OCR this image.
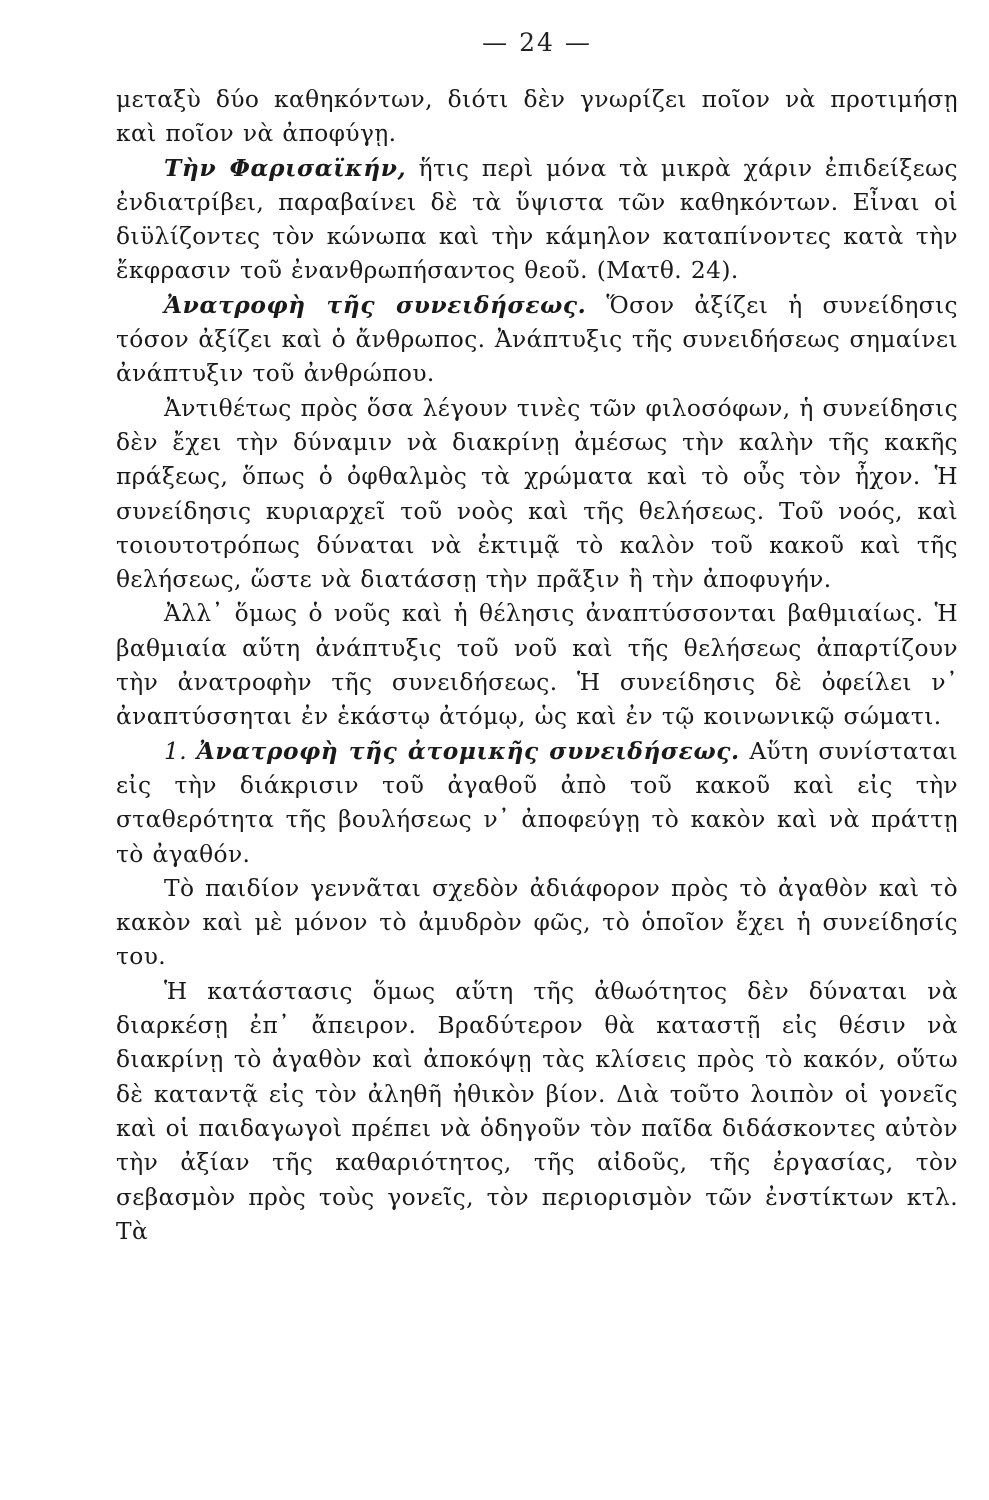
— 24 —

μεταξὺ δύο καθηκόντων, διότι δὲν γνωρίζει ποῖον νὰ προτιμήσῃ καὶ ποῖον νὰ ἀποφύγῃ.

Τὴν Φαρισαϊκήν, ἥτις περὶ μόνα τὰ μικρὰ χάριν ἐπιδείξεως ἐνδιατρίβει, παραβαίνει δὲ τὰ ὕψιστα τῶν καθηκόντων. Εἶναι οἱ διϋλίζοντες τὸν κώνωπα καὶ τὴν κάμηλον καταπίνοντες κατὰ τὴν ἔκφρασιν τοῦ ἐνανθρωπήσαντος θεοῦ. (Ματθ. 24).

Ἀνατροφὴ τῆς συνειδήσεως. Ὅσον ἀξίζει ἡ συνείδησις τόσον ἀξίζει καὶ ὁ ἄνθρωπος. Ἀνάπτυξις τῆς συνειδήσεως σημαίνει ἀνάπτυξιν τοῦ ἀνθρώπου.

Ἀντιθέτως πρὸς ὅσα λέγουν τινὲς τῶν φιλοσόφων, ἡ συνείδησις δὲν ἔχει τὴν δύναμιν νὰ διακρίνῃ ἀμέσως τὴν καλὴν τῆς κακῆς πράξεως, ὅπως ὁ ὀφθαλμὸς τὰ χρώματα καὶ τὸ οὖς τὸν ἦχον. Ἡ συνείδησις κυριαρχεῖ τοῦ νοὸς καὶ τῆς θελήσεως. Τοῦ νοός, καὶ τοιουτοτρόπως δύναται νὰ ἐκτιμᾷ τὸ καλὸν τοῦ κακοῦ καὶ τῆς θελήσεως, ὥστε νὰ διατάσσῃ τὴν πρᾶξιν ἢ τὴν ἀποφυγήν.

Ἀλλ᾽ ὅμως ὁ νοῦς καὶ ἡ θέλησις ἀναπτύσσονται βαθμιαίως. Ἡ βαθμιαία αὕτη ἀνάπτυξις τοῦ νοῦ καὶ τῆς θελήσεως ἀπαρτίζουν τὴν ἀνατροφὴν τῆς συνειδήσεως. Ἡ συνείδησις δὲ ὀφείλει ν᾽ ἀναπτύσσηται ἐν ἑκάστῳ ἀτόμῳ, ὡς καὶ ἐν τῷ κοινωνικῷ σώματι.

1. Ἀνατροφὴ τῆς ἀτομικῆς συνειδήσεως. Αὕτη συνίσταται εἰς τὴν διάκρισιν τοῦ ἀγαθοῦ ἀπὸ τοῦ κακοῦ καὶ εἰς τὴν σταθερότητα τῆς βουλήσεως ν᾽ ἀποφεύγῃ τὸ κακὸν καὶ νὰ πράττῃ τὸ ἀγαθόν.

Τὸ παιδίον γεννᾶται σχεδὸν ἀδιάφορον πρὸς τὸ ἀγαθὸν καὶ τὸ κακὸν καὶ μὲ μόνον τὸ ἀμυδρὸν φῶς, τὸ ὁποῖον ἔχει ἡ συνείδησίς του.

Ἡ κατάστασις ὅμως αὕτη τῆς ἀθωότητος δὲν δύναται νὰ διαρκέσῃ ἐπ᾽ ἄπειρον. Βραδύτερον θὰ καταστῇ εἰς θέσιν νὰ διακρίνῃ τὸ ἀγαθὸν καὶ ἀποκόψῃ τὰς κλίσεις πρὸς τὸ κακόν, οὕτω δὲ καταντᾷ εἰς τὸν ἀληθῆ ἠθικὸν βίον. Διὰ τοῦτο λοιπὸν οἱ γονεῖς καὶ οἱ παιδαγωγοὶ πρέπει νὰ ὁδηγοῦν τὸν παῖδα διδάσκοντες αὐτὸν τὴν ἀξίαν τῆς καθαριότητος, τῆς αἰδοῦς, τῆς ἐργασίας, τὸν σεβασμὸν πρὸς τοὺς γονεῖς, τὸν περιορισμὸν τῶν ἐνστίκτων κτλ. Τὰ
